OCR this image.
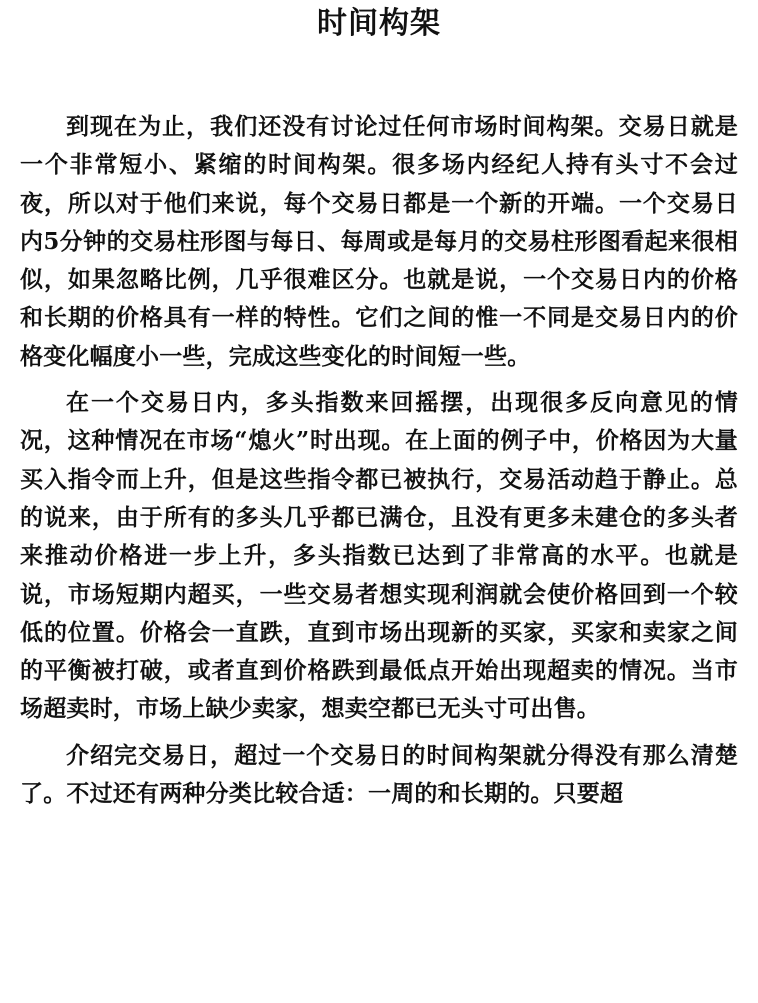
时间构架

到现在为止，我们还没有讨论过任何市场时间构架。交易日就是一个非常短小、紧缩的时间构架。很多场内经纪人持有头寸不会过夜，所以对于他们来说，每个交易日都是一个新的开端。一个交易日内5分钟的交易柱形图与每日、每周或是每月的交易柱形图看起来很相似，如果忽略比例，几乎很难区分。也就是说，一个交易日内的价格和长期的价格具有一样的特性。它们之间的惟一不同是交易日内的价格变化幅度小一些，完成这些变化的时间短一些。

在一个交易日内，多头指数来回摇摆，出现很多反向意见的情况，这种情况在市场“熄火”时出现。在上面的例子中，价格因为大量买入指令而上升，但是这些指令都已被执行，交易活动趋于静止。总的说来，由于所有的多头几乎都已满仓，且没有更多未建仓的多头者来推动价格进一步上升，多头指数已达到了非常高的水平。也就是说，市场短期内超买，一些交易者想实现利润就会使价格回到一个较低的位置。价格会一直跌，直到市场出现新的买家，买家和卖家之间的平衡被打破，或者直到价格跌到最低点开始出现超卖的情况。当市场超卖时，市场上缺少卖家，想卖空都已无头寸可出售。

介绍完交易日，超过一个交易日的时间构架就分得没有那么清楚了。不过还有两种分类比较合适：一周的和长期的。只要超
